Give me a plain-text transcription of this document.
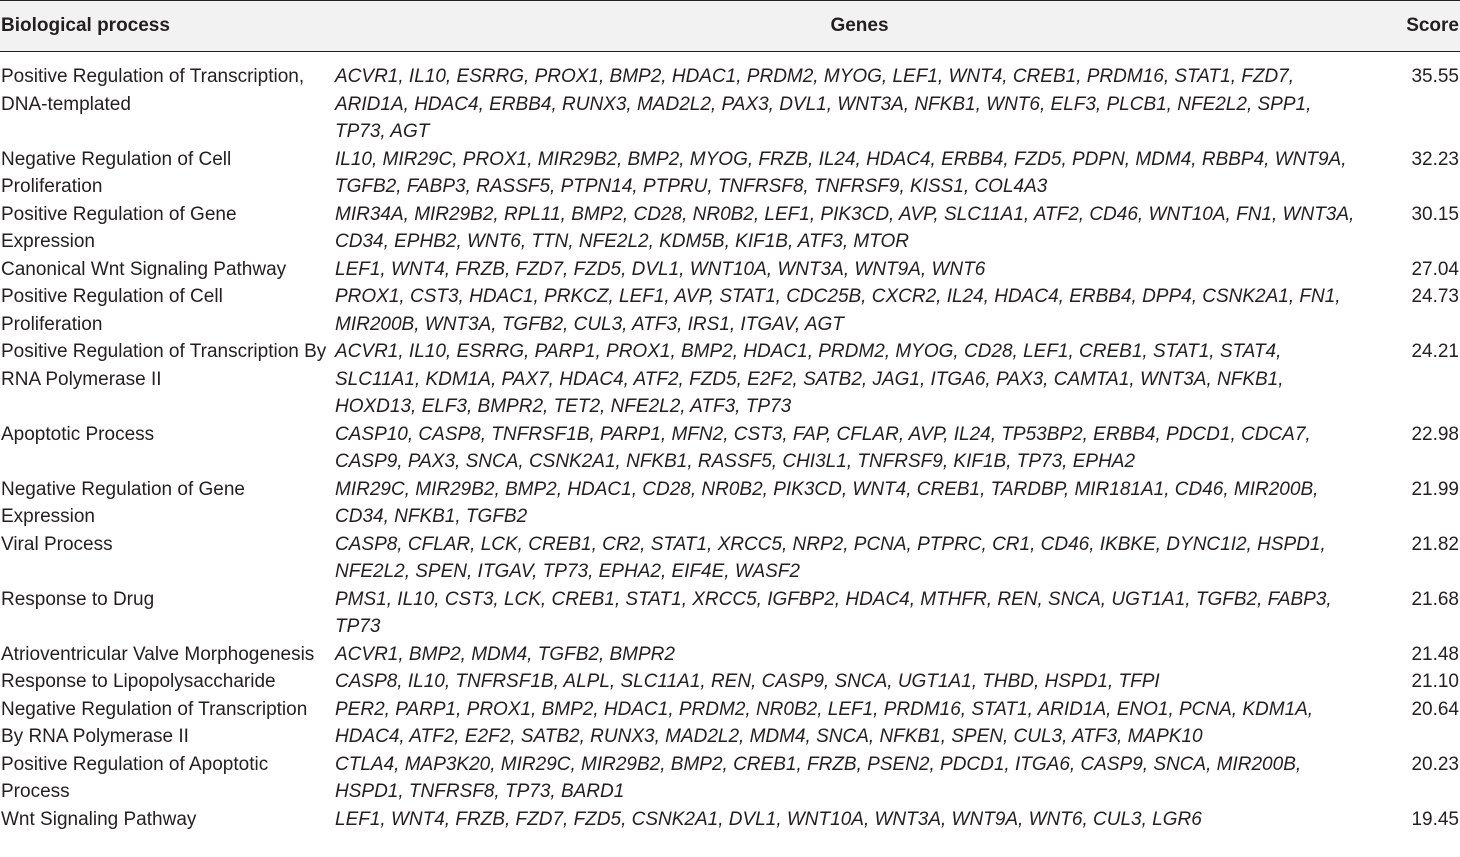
Biological process	Genes	Score
Positive Regulation of Transcription, DNA-templated	ACVR1, IL10, ESRRG, PROX1, BMP2, HDAC1, PRDM2, MYOG, LEF1, WNT4, CREB1, PRDM16, STAT1, FZD7, ARID1A, HDAC4, ERBB4, RUNX3, MAD2L2, PAX3, DVL1, WNT3A, NFKB1, WNT6, ELF3, PLCB1, NFE2L2, SPP1, TP73, AGT	35.55
Negative Regulation of Cell Proliferation	IL10, MIR29C, PROX1, MIR29B2, BMP2, MYOG, FRZB, IL24, HDAC4, ERBB4, FZD5, PDPN, MDM4, RBBP4, WNT9A, TGFB2, FABP3, RASSF5, PTPN14, PTPRU, TNFRSF8, TNFRSF9, KISS1, COL4A3	32.23
Positive Regulation of Gene Expression	MIR34A, MIR29B2, RPL11, BMP2, CD28, NR0B2, LEF1, PIK3CD, AVP, SLC11A1, ATF2, CD46, WNT10A, FN1, WNT3A, CD34, EPHB2, WNT6, TTN, NFE2L2, KDM5B, KIF1B, ATF3, MTOR	30.15
Canonical Wnt Signaling Pathway	LEF1, WNT4, FRZB, FZD7, FZD5, DVL1, WNT10A, WNT3A, WNT9A, WNT6	27.04
Positive Regulation of Cell Proliferation	PROX1, CST3, HDAC1, PRKCZ, LEF1, AVP, STAT1, CDC25B, CXCR2, IL24, HDAC4, ERBB4, DPP4, CSNK2A1, FN1, MIR200B, WNT3A, TGFB2, CUL3, ATF3, IRS1, ITGAV, AGT	24.73
Positive Regulation of Transcription By RNA Polymerase II	ACVR1, IL10, ESRRG, PARP1, PROX1, BMP2, HDAC1, PRDM2, MYOG, CD28, LEF1, CREB1, STAT1, STAT4, SLC11A1, KDM1A, PAX7, HDAC4, ATF2, FZD5, E2F2, SATB2, JAG1, ITGA6, PAX3, CAMTA1, WNT3A, NFKB1, HOXD13, ELF3, BMPR2, TET2, NFE2L2, ATF3, TP73	24.21
Apoptotic Process	CASP10, CASP8, TNFRSF1B, PARP1, MFN2, CST3, FAP, CFLAR, AVP, IL24, TP53BP2, ERBB4, PDCD1, CDCA7, CASP9, PAX3, SNCA, CSNK2A1, NFKB1, RASSF5, CHI3L1, TNFRSF9, KIF1B, TP73, EPHA2	22.98
Negative Regulation of Gene Expression	MIR29C, MIR29B2, BMP2, HDAC1, CD28, NR0B2, PIK3CD, WNT4, CREB1, TARDBP, MIR181A1, CD46, MIR200B, CD34, NFKB1, TGFB2	21.99
Viral Process	CASP8, CFLAR, LCK, CREB1, CR2, STAT1, XRCC5, NRP2, PCNA, PTPRC, CR1, CD46, IKBKE, DYNC1I2, HSPD1, NFE2L2, SPEN, ITGAV, TP73, EPHA2, EIF4E, WASF2	21.82
Response to Drug	PMS1, IL10, CST3, LCK, CREB1, STAT1, XRCC5, IGFBP2, HDAC4, MTHFR, REN, SNCA, UGT1A1, TGFB2, FABP3, TP73	21.68
Atrioventricular Valve Morphogenesis	ACVR1, BMP2, MDM4, TGFB2, BMPR2	21.48
Response to Lipopolysaccharide	CASP8, IL10, TNFRSF1B, ALPL, SLC11A1, REN, CASP9, SNCA, UGT1A1, THBD, HSPD1, TFPI	21.10
Negative Regulation of Transcription By RNA Polymerase II	PER2, PARP1, PROX1, BMP2, HDAC1, PRDM2, NR0B2, LEF1, PRDM16, STAT1, ARID1A, ENO1, PCNA, KDM1A, HDAC4, ATF2, E2F2, SATB2, RUNX3, MAD2L2, MDM4, SNCA, NFKB1, SPEN, CUL3, ATF3, MAPK10	20.64
Positive Regulation of Apoptotic Process	CTLA4, MAP3K20, MIR29C, MIR29B2, BMP2, CREB1, FRZB, PSEN2, PDCD1, ITGA6, CASP9, SNCA, MIR200B, HSPD1, TNFRSF8, TP73, BARD1	20.23
Wnt Signaling Pathway	LEF1, WNT4, FRZB, FZD7, FZD5, CSNK2A1, DVL1, WNT10A, WNT3A, WNT9A, WNT6, CUL3, LGR6	19.45
